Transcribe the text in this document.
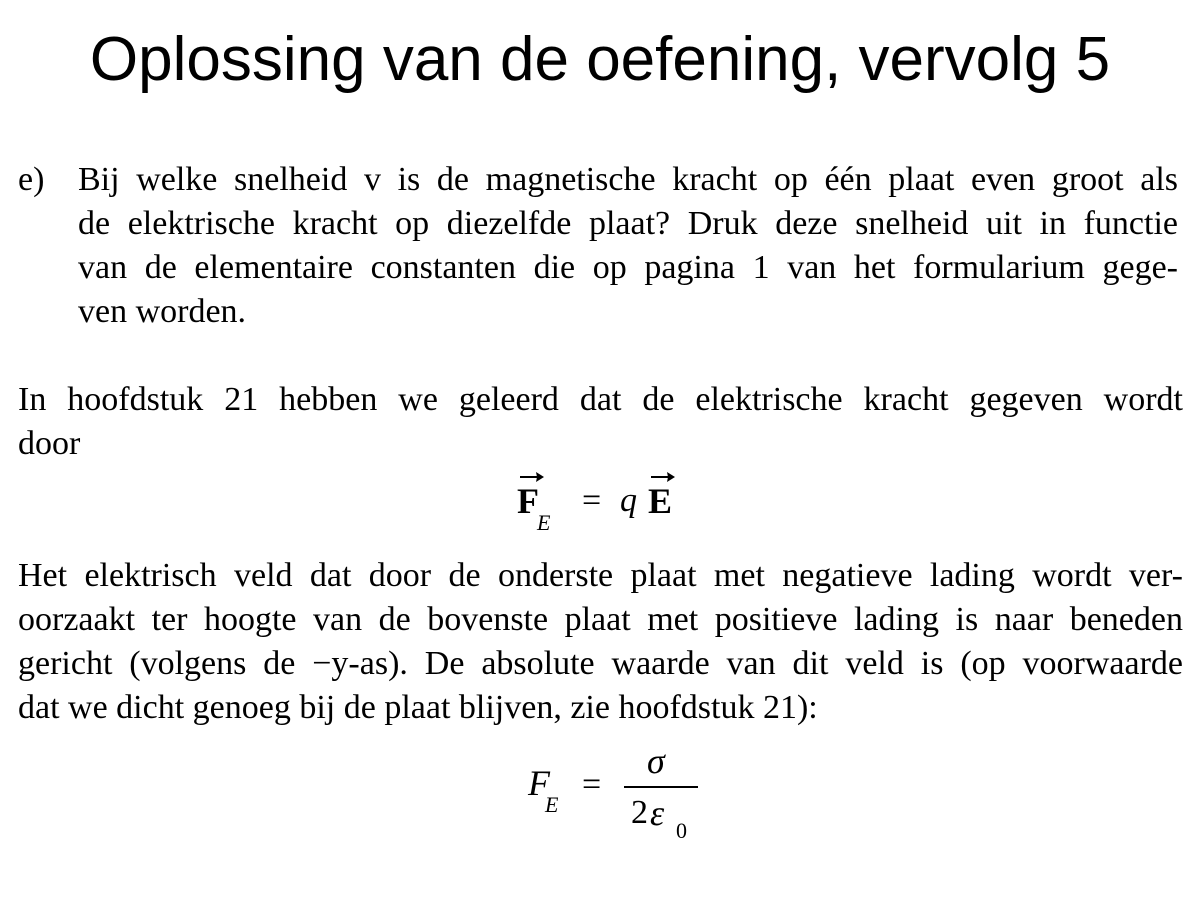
Oplossing van de oefening, vervolg 5
e) Bij welke snelheid v is de magnetische kracht op één plaat even groot als
de elektrische kracht op diezelfde plaat? Druk deze snelheid uit in functie
van de elementaire constanten die op pagina 1 van het formularium gege-
ven worden.
In hoofdstuk 21 hebben we geleerd dat de elektrische kracht gegeven wordt
door
F
E
= q E
Het elektrisch veld dat door de onderste plaat met negatieve lading wordt ver-
oorzaakt ter hoogte van de bovenste plaat met positieve lading is naar beneden
gericht (volgens de −y-as). De absolute waarde van dit veld is (op voorwaarde
dat we dicht genoeg bij de plaat blijven, zie hoofdstuk 21):
F
E
=
σ
2 ε 0
